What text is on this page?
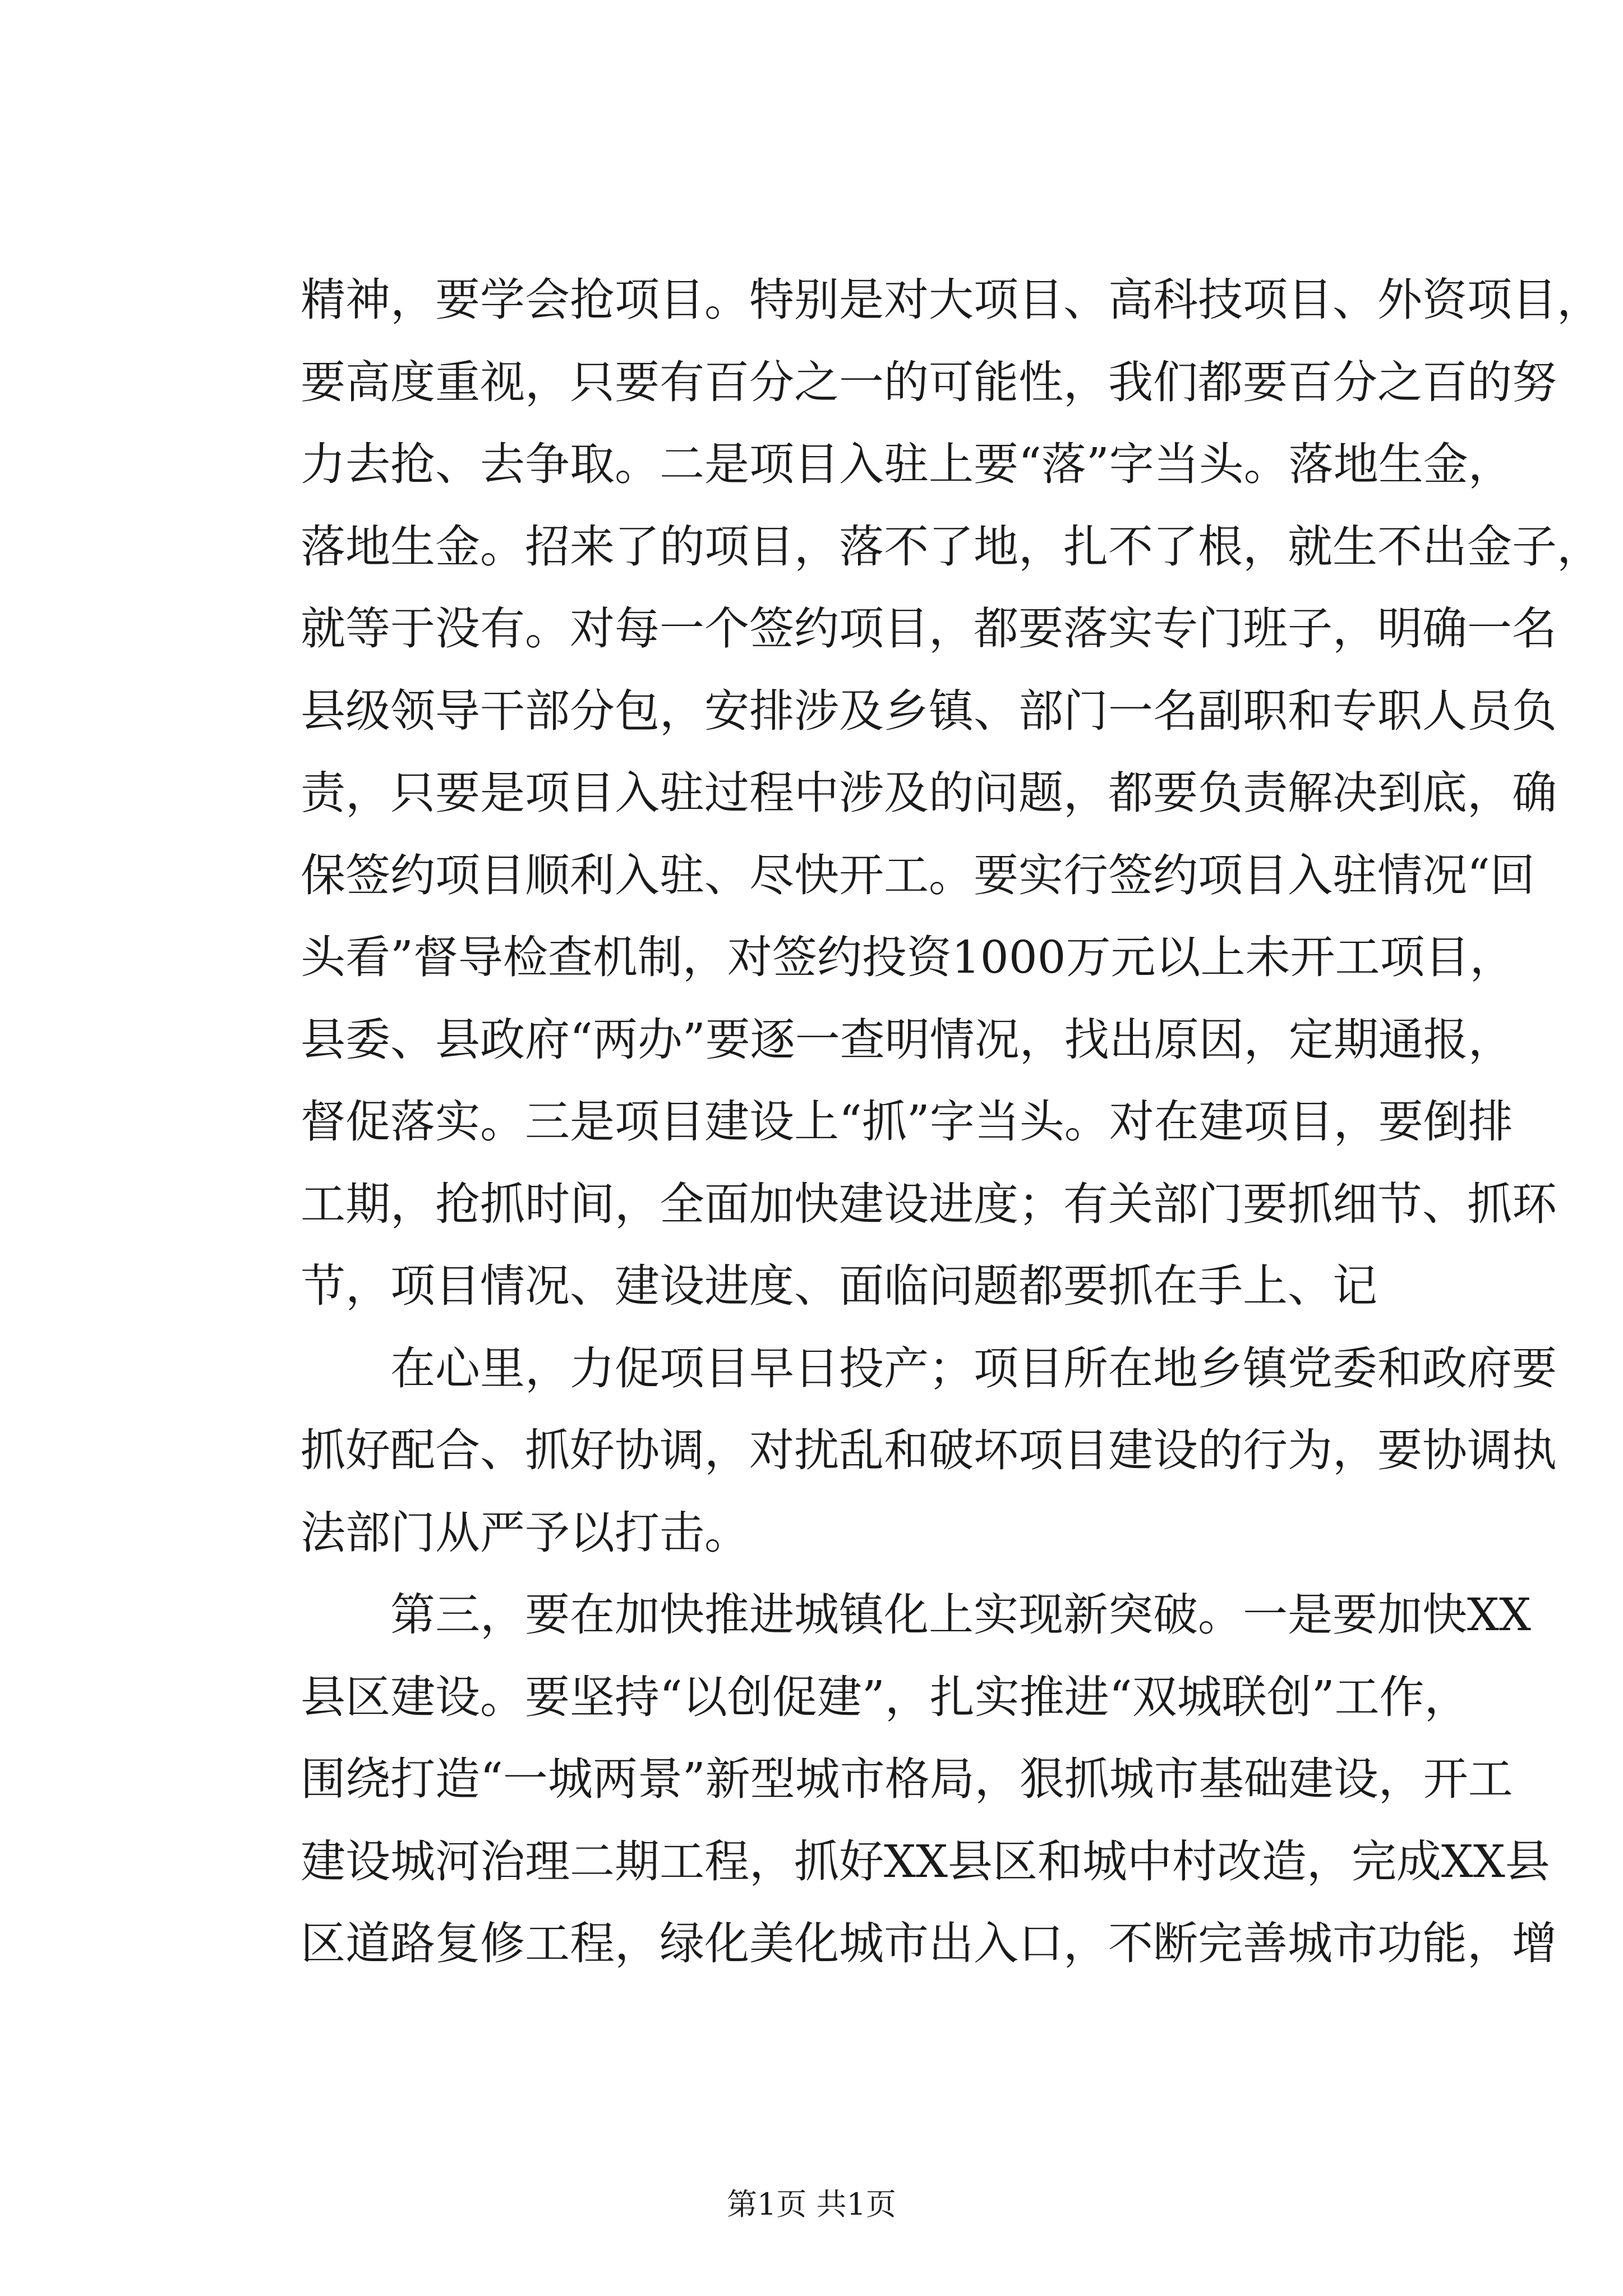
精神，要学会抢项目。特别是对大项目、高科技项目、外资项目，
要高度重视，只要有百分之一的可能性，我们都要百分之百的努
力去抢、去争取。二是项目入驻上要“落”字当头。落地生金，
落地生金。招来了的项目，落不了地，扎不了根，就生不出金子，
就等于没有。对每一个签约项目，都要落实专门班子，明确一名
县级领导干部分包，安排涉及乡镇、部门一名副职和专职人员负
责，只要是项目入驻过程中涉及的问题，都要负责解决到底，确
保签约项目顺利入驻、尽快开工。要实行签约项目入驻情况“回
头看”督导检查机制，对签约投资1000万元以上未开工项目，
县委、县政府“两办”要逐一查明情况，找出原因，定期通报，
督促落实。三是项目建设上“抓”字当头。对在建项目，要倒排
工期，抢抓时间，全面加快建设进度；有关部门要抓细节、抓环
节，项目情况、建设进度、面临问题都要抓在手上、记
在心里，力促项目早日投产；项目所在地乡镇党委和政府要
抓好配合、抓好协调，对扰乱和破坏项目建设的行为，要协调执
法部门从严予以打击。
第三，要在加快推进城镇化上实现新突破。一是要加快XX
县区建设。要坚持“以创促建”，扎实推进“双城联创”工作，
围绕打造“一城两景”新型城市格局，狠抓城市基础建设，开工
建设城河治理二期工程，抓好XX县区和城中村改造，完成XX县
区道路复修工程，绿化美化城市出入口，不断完善城市功能，增
第1页 共1页
